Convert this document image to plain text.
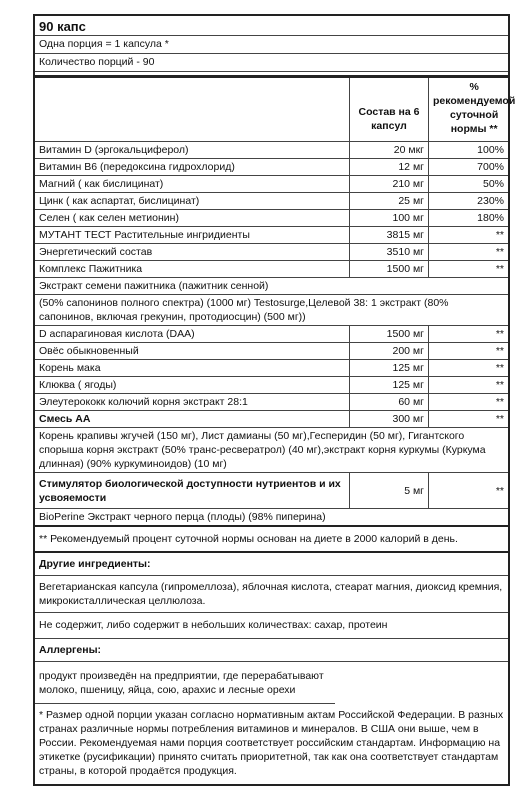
90 капс
Одна порция = 1 капсула *
Количество порций - 90
Состав на 6 капсул
% рекомендуемой суточной нормы **
Витамин D (эргокальциферол)	20 мкг	100%
Витамин B6 (передоксина гидрохлорид)	12 мг	700%
Магний ( как бислицинат)	210 мг	50%
Цинк ( как аспартат, бислицинат)	25 мг	230%
Селен ( как селен метионин)	100 мг	180%
МУТАНТ ТЕСТ Растительные ингридиенты	3815 мг	**
Энергетический состав	3510 мг	**
Комплекс Пажитника	1500 мг	**
Экстракт семени пажитника (пажитник сенной)
(50% сапонинов полного спектра) (1000 мг) Testosurge,Целевой 38: 1 экстракт (80% сапонинов, включая грекунин, протодиосцин) (500 мг))
D аспарагиновая кислота (DAA)	1500 мг	**
Овёс обыкновенный	200 мг	**
Корень мака	125 мг	**
Клюква ( ягоды)	125 мг	**
Элеутерококк колючий корня экстракт 28:1	60 мг	**
Смесь АА	300 мг	**
Корень крапивы жгучей (150 мг), Лист дамианы (50 мг),Гесперидин (50 мг), Гигантского спорыша корня экстракт (50% транс-ресвератрол) (40 мг),экстракт корня куркумы (Куркума длинная) (90% куркуминоидов) (10 мг)
Стимулятор биологической доступности нутриентов и их усвояемости
5 мг	**
BioPerine Экстракт черного перца (плоды) (98% пиперина)
** Рекомендуемый процент суточной нормы основан на диете в 2000 калорий в день.
Другие ингредиенты:
Вегетарианская капсула (гипромеллоза), яблочная кислота, стеарат магния, диоксид кремния, микрокисталлическая целлюлоза.
Не содержит, либо содержит в небольших количествах: сахар, протеин
Аллергены:
продукт произведён на предприятии, где перерабатывают молоко, пшеницу, яйца, сою, арахис и лесные орехи
* Размер одной порции указан согласно нормативным актам Российской Федерации. В разных странах различные нормы потребления витаминов и минералов. В США они выше, чем в России. Рекомендуемая нами порция соответствует российским стандартам. Информацию на этикетке (русификации) принято считать приоритетной, так как она соответствует стандартам страны, в которой продаётся продукция.
